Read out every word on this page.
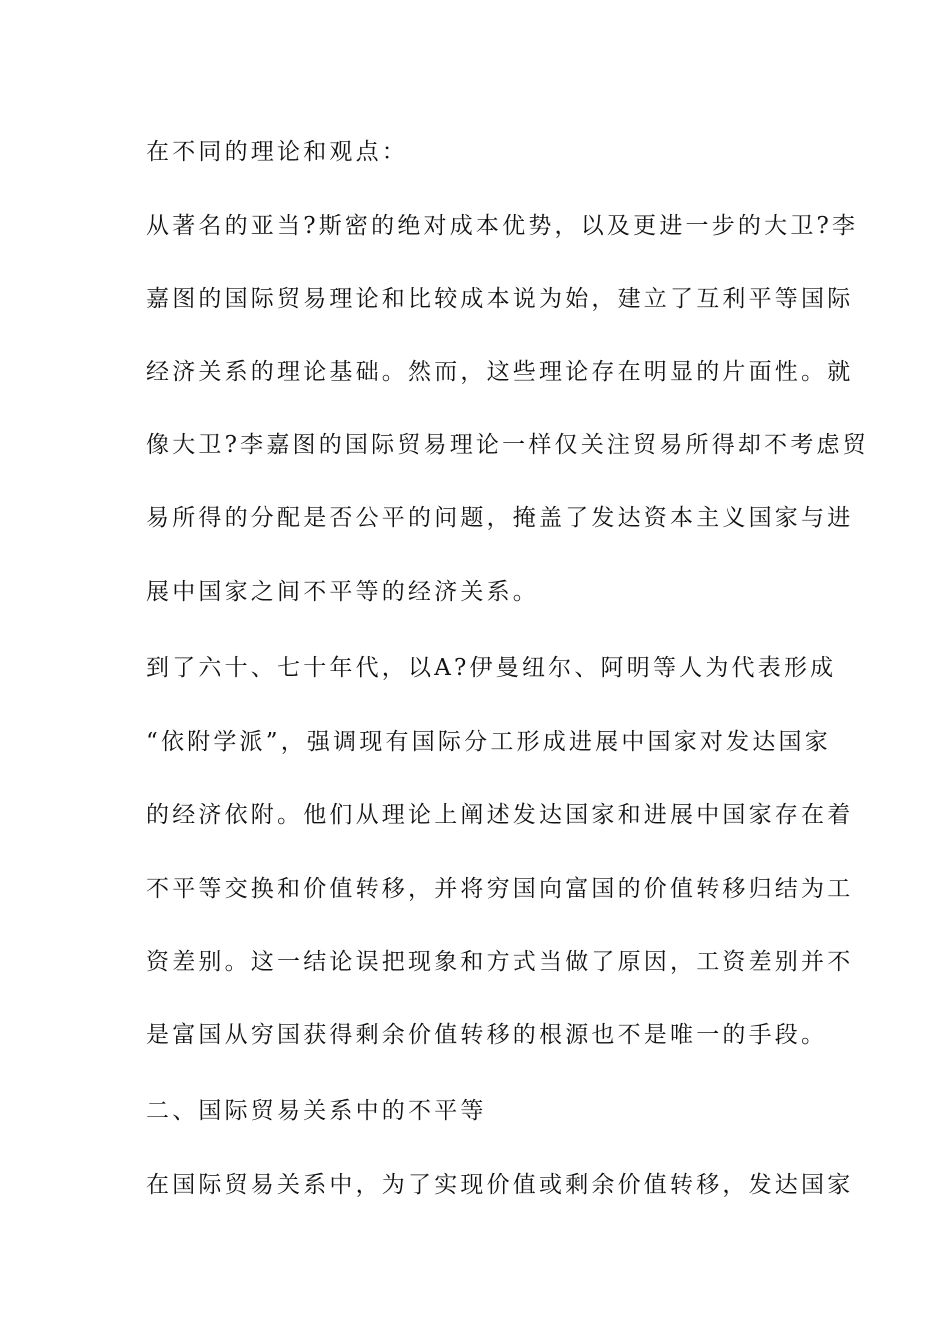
在不同的理论和观点：
从著名的亚当?斯密的绝对成本优势，以及更进一步的大卫?李
嘉图的国际贸易理论和比较成本说为始，建立了互利平等国际
经济关系的理论基础。然而，这些理论存在明显的片面性。就
像大卫?李嘉图的国际贸易理论一样仅关注贸易所得却不考虑贸
易所得的分配是否公平的问题，掩盖了发达资本主义国家与进
展中国家之间不平等的经济关系。
到了六十、七十年代，以A?伊曼纽尔、阿明等人为代表形成
“依附学派”，强调现有国际分工形成进展中国家对发达国家
的经济依附。他们从理论上阐述发达国家和进展中国家存在着
不平等交换和价值转移，并将穷国向富国的价值转移归结为工
资差别。这一结论误把现象和方式当做了原因，工资差别并不
是富国从穷国获得剩余价值转移的根源也不是唯一的手段。
二、国际贸易关系中的不平等
在国际贸易关系中，为了实现价值或剩余价值转移，发达国家
